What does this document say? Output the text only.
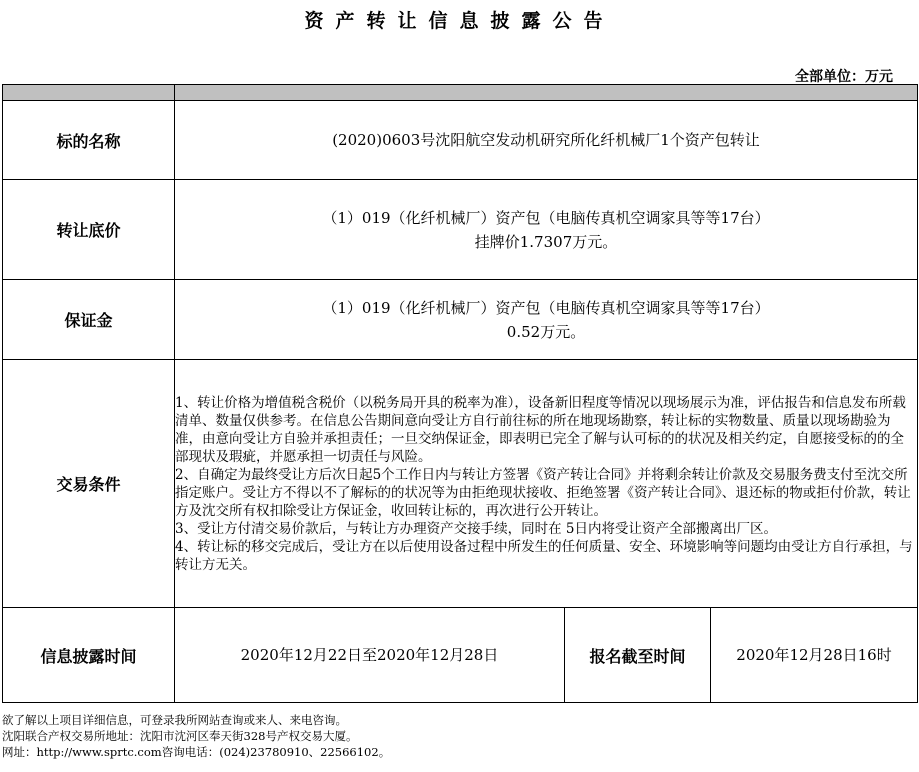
资产转让信息披露公告
全部单位：万元

标的名称	(2020)0603号沈阳航空发动机研究所化纤机械厂1个资产包转让		
转让底价	（1）019（化纤机械厂）资产包（电脑传真机空调家具等等17台）
挂牌价1.7307万元。		

保证金	（1）019（化纤机械厂）资产包（电脑传真机空调家具等等17台）
0.52万元。		

交易条件	1、转让价格为增值税含税价（以税务局开具的税率为准），设备新旧程度等情况以现场展示为准，评估报告和信息发布所载清单、数量仅供参考。在信息公告期间意向受让方自行前往标的所在地现场勘察，转让标的实物数量、质量以现场勘验为准，由意向受让方自验并承担责任；一旦交纳保证金，即表明已完全了解与认可标的的状况及相关约定，自愿接受标的的全部现状及瑕疵，并愿承担一切责任与风险。
2、自确定为最终受让方后次日起5个工作日内与转让方签署《资产转让合同》并将剩余转让价款及交易服务费支付至沈交所指定账户。受让方不得以不了解标的的状况等为由拒绝现状接收、拒绝签署《资产转让合同》、退还标的物或拒付价款，转让方及沈交所有权扣除受让方保证金，收回转让标的，再次进行公开转让。
3、受让方付清交易价款后，与转让方办理资产交接手续，同时在 5日内将受让资产全部搬离出厂区。
4、转让标的移交完成后，受让方在以后使用设备过程中所发生的任何质量、安全、环境影响等问题均由受让方自行承担，与转让方无关。		

信息披露时间	2020年12月22日至2020年12月28日	报名截至时间	2020年12月28日16时
欲了解以上项目详细信息，可登录我所网站查询或来人、来电咨询。
沈阳联合产权交易所地址：沈阳市沈河区奉天街328号产权交易大厦。
网址：http://www.sprtc.com咨询电话：(024)23780910、22566102。
